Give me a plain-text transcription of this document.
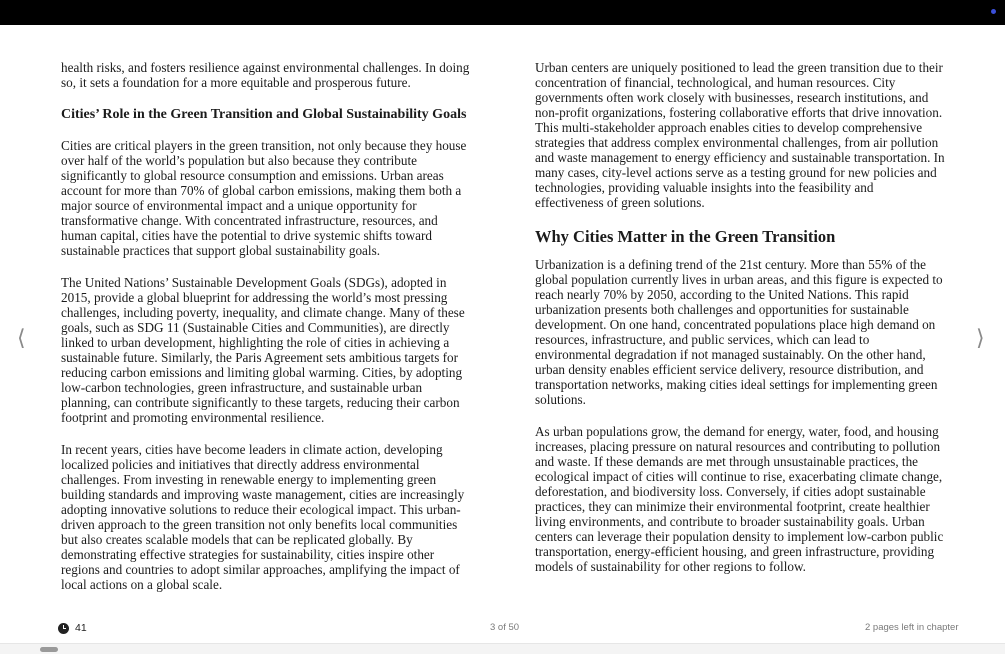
health risks, and fosters resilience against environmental challenges. In doing so, it sets a foundation for a more equitable and prosperous future.

Cities’ Role in the Green Transition and Global Sustainability Goals

Cities are critical players in the green transition, not only because they house over half of the world’s population but also because they contribute significantly to global resource consumption and emissions. Urban areas account for more than 70% of global carbon emissions, making them both a major source of environmental impact and a unique opportunity for transformative change. With concentrated infrastructure, resources, and human capital, cities have the potential to drive systemic shifts toward sustainable practices that support global sustainability goals.

The United Nations’ Sustainable Development Goals (SDGs), adopted in 2015, provide a global blueprint for addressing the world’s most pressing challenges, including poverty, inequality, and climate change. Many of these goals, such as SDG 11 (Sustainable Cities and Communities), are directly linked to urban development, highlighting the role of cities in achieving a sustainable future. Similarly, the Paris Agreement sets ambitious targets for reducing carbon emissions and limiting global warming. Cities, by adopting low-carbon technologies, green infrastructure, and sustainable urban planning, can contribute significantly to these targets, reducing their carbon footprint and promoting environmental resilience.

In recent years, cities have become leaders in climate action, developing localized policies and initiatives that directly address environmental challenges. From investing in renewable energy to implementing green building standards and improving waste management, cities are increasingly adopting innovative solutions to reduce their ecological impact. This urban-driven approach to the green transition not only benefits local communities but also creates scalable models that can be replicated globally. By demonstrating effective strategies for sustainability, cities inspire other regions and countries to adopt similar approaches, amplifying the impact of local actions on a global scale.

Urban centers are uniquely positioned to lead the green transition due to their concentration of financial, technological, and human resources. City governments often work closely with businesses, research institutions, and non-profit organizations, fostering collaborative efforts that drive innovation. This multi-stakeholder approach enables cities to develop comprehensive strategies that address complex environmental challenges, from air pollution and waste management to energy efficiency and sustainable transportation. In many cases, city-level actions serve as a testing ground for new policies and technologies, providing valuable insights into the feasibility and effectiveness of green solutions.

Why Cities Matter in the Green Transition

Urbanization is a defining trend of the 21st century. More than 55% of the global population currently lives in urban areas, and this figure is expected to reach nearly 70% by 2050, according to the United Nations. This rapid urbanization presents both challenges and opportunities for sustainable development. On one hand, concentrated populations place high demand on resources, infrastructure, and public services, which can lead to environmental degradation if not managed sustainably. On the other hand, urban density enables efficient service delivery, resource distribution, and transportation networks, making cities ideal settings for implementing green solutions.

As urban populations grow, the demand for energy, water, food, and housing increases, placing pressure on natural resources and contributing to pollution and waste. If these demands are met through unsustainable practices, the ecological impact of cities will continue to rise, exacerbating climate change, deforestation, and biodiversity loss. Conversely, if cities adopt sustainable practices, they can minimize their environmental footprint, create healthier living environments, and contribute to broader sustainability goals. Urban centers can leverage their population density to implement low-carbon public transportation, energy-efficient housing, and green infrastructure, providing models of sustainability for other regions to follow.

⟨	⟩
41	3 of 50	2 pages left in chapter
